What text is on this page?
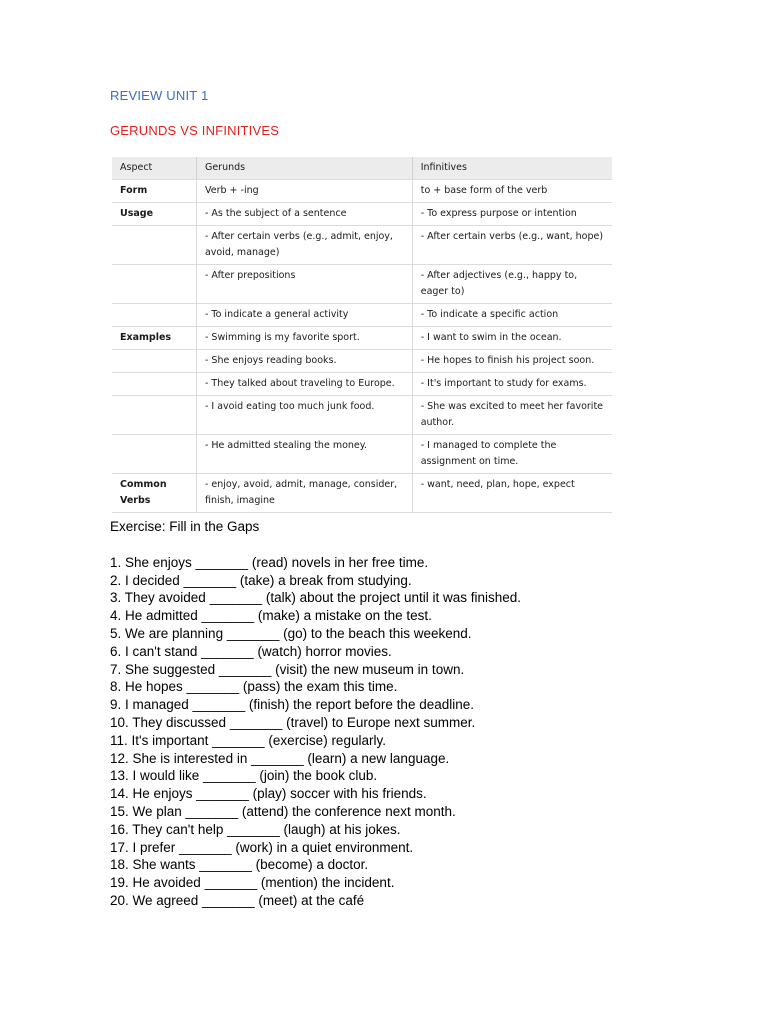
REVIEW UNIT 1
GERUNDS VS INFINITIVES
Aspect	Gerunds	Infinitives
Form	Verb + -ing	to + base form of the verb
Usage	- As the subject of a sentence	- To express purpose or intention
	- After certain verbs (e.g., admit, enjoy, avoid, manage)	- After certain verbs (e.g., want, hope)
	- After prepositions	- After adjectives (e.g., happy to, eager to)
	- To indicate a general activity	- To indicate a specific action
Examples	- Swimming is my favorite sport.	- I want to swim in the ocean.
	- She enjoys reading books.	- He hopes to finish his project soon.
	- They talked about traveling to Europe.	- It's important to study for exams.
	- I avoid eating too much junk food.	- She was excited to meet her favorite author.
	- He admitted stealing the money.	- I managed to complete the assignment on time.
Common Verbs	- enjoy, avoid, admit, manage, consider, finish, imagine	- want, need, plan, hope, expect
Exercise: Fill in the Gaps
1. She enjoys _______ (read) novels in her free time.
2. I decided _______ (take) a break from studying.
3. They avoided _______ (talk) about the project until it was finished.
4. He admitted _______ (make) a mistake on the test.
5. We are planning _______ (go) to the beach this weekend.
6. I can't stand _______ (watch) horror movies.
7. She suggested _______ (visit) the new museum in town.
8. He hopes _______ (pass) the exam this time.
9. I managed _______ (finish) the report before the deadline.
10. They discussed _______ (travel) to Europe next summer.
11. It's important _______ (exercise) regularly.
12. She is interested in _______ (learn) a new language.
13. I would like _______ (join) the book club.
14. He enjoys _______ (play) soccer with his friends.
15. We plan _______ (attend) the conference next month.
16. They can't help _______ (laugh) at his jokes.
17. I prefer _______ (work) in a quiet environment.
18. She wants _______ (become) a doctor.
19. He avoided _______ (mention) the incident.
20. We agreed _______ (meet) at the café
